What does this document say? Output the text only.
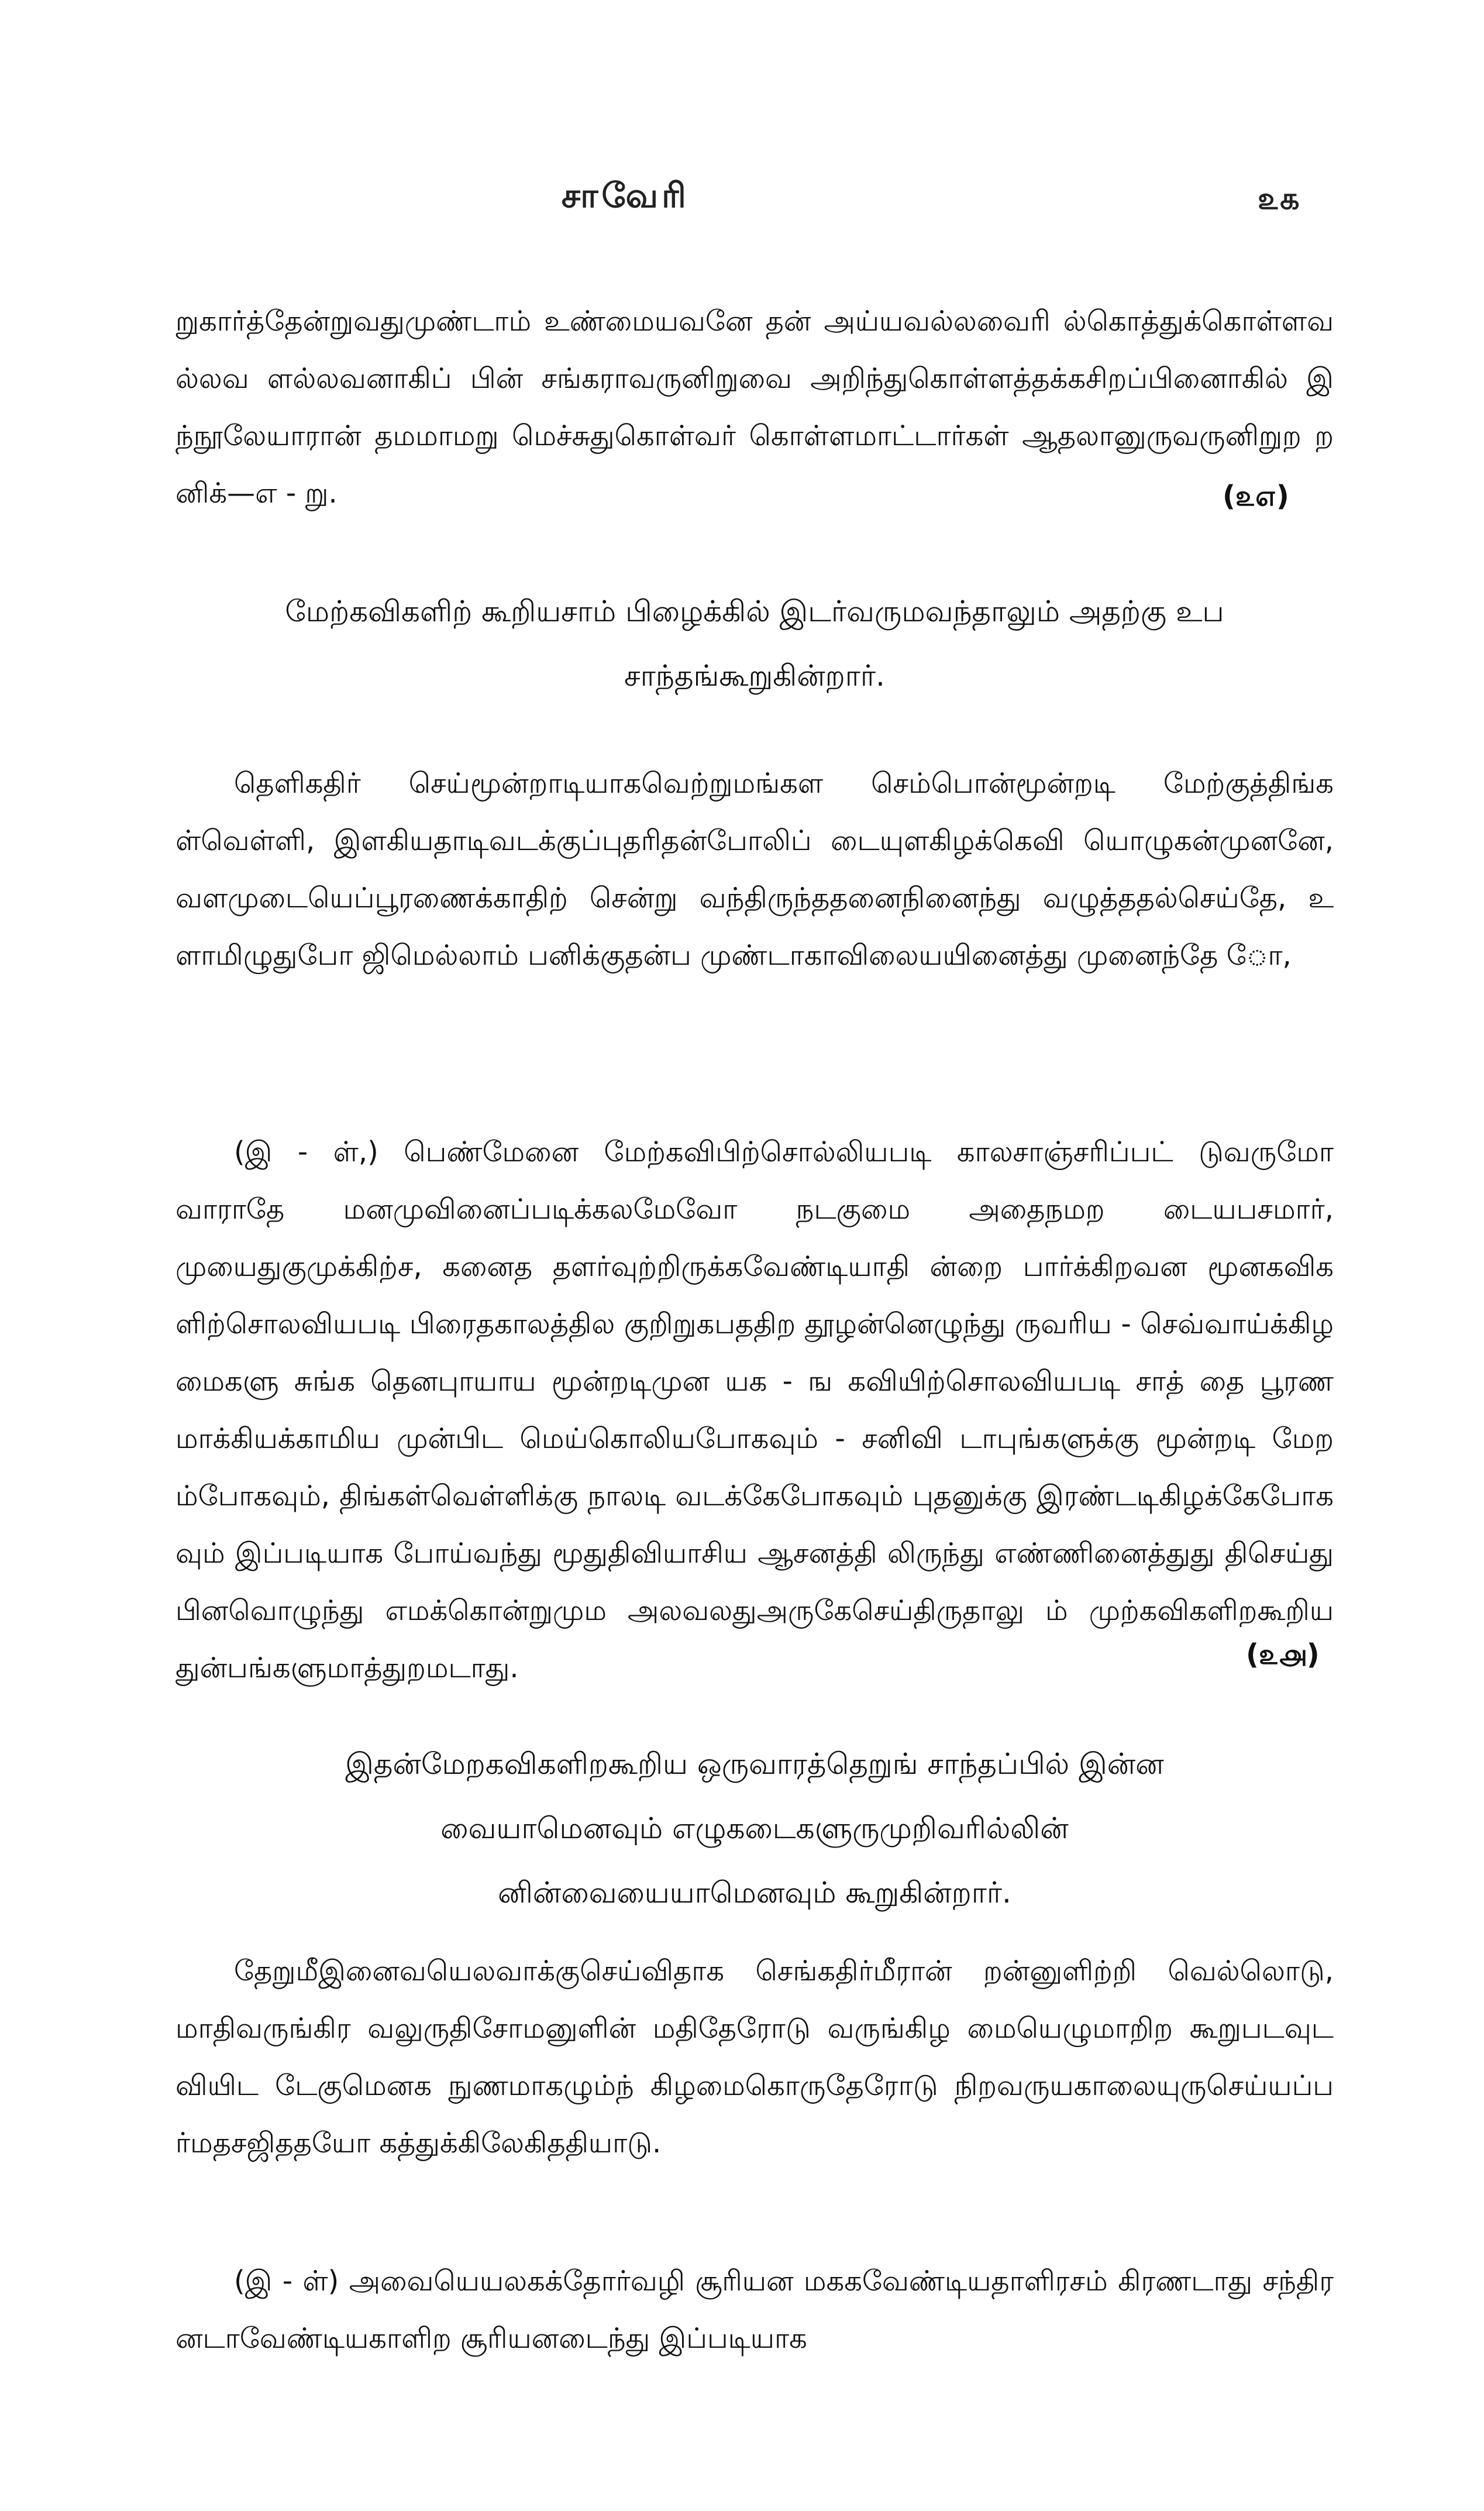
சாவேரி	௨௧
றுகார்த்தேன்றுவதுமுண்டாம் உண்மையவனே தன் அய்யவல்லவைரி ல்கொத்துக்கொள்ளவல்லவ ளல்லவனாகிப் பின் சங்கராவருனிறுவை அறிந்துகொள்ளத்தக்கசிறப்பினைாகில் இந்நூலேயாரான் தமமாமறு மெச்சுதுகொள்வர் கொள்ளமாட்டார்கள் ஆதலானுருவருனிறுற றனிக்—எ - று.	(௨௭)
மேற்கவிகளிற் கூறியசாம் பிழைக்கில் இடர்வருமவந்தாலும் அதற்கு உபசாந்தங்கூறுகின்றார்.
தெளிகதிர் செய்மூன்றாடியாகவெற்றுமங்கள செம்பொன்மூன்றடி மேற்குத்திங்கள்வெள்ளி, இளகியதாடிவடக்குப்புதரிதன்போலிப் டையுளகிழக்கெவி யொழுகன்முனனே, வளமுடையெப்பூரணைக்காதிற் சென்று வந்திருந்ததனைநினைந்து வழுத்ததல்செய்தே, உளாமிழுதுபோ ஜிமெல்லாம் பனிக்குதன்ப முண்டாகாவிலையயினைத்து முனைந்தே ோ,
(இ - ள்,) பெண்மேனை மேற்கவிபிற்சொல்லியபடி காலசாஞ்சரிப்பட் டுவருமோ வாராதே மனமுவினைப்படிக்கலமேவோ நடகுமை அதைநமற டையபசமார், முயைதுகுமுக்கிற்ச, கனைத தளர்வுற்றிருக்கவேண்டியாதி ன்றை பார்க்கிறவன மூனகவிகளிற்சொலவியபடி பிரைதகாலத்தில குறிறுகபததிற தூழன்னெழுந்து ருவரிய - செவ்வாய்க்கிழமைகளு சுங்க தெனபுாயாய மூன்றடிமுன யக - ங கவியிற்சொலவியபடி சாத் தை பூரணமாக்கியக்காமிய முன்பிட மெய்கொலியபோகவும் - சனிவி டாபுங்களுக்கு மூன்றடி மேறம்போகவும், திங்கள்வெள்ளிக்கு நாலடி வடக்கேபோகவும் புதனுக்கு இரண்டடிகிழக்கேபோகவும் இப்படியாக போய்வந்து மூதுதிவியாசிய ஆசனத்தி லிருந்து எண்ணினைத்துது திசெய்து பினவொழுந்து எமக்கொன்றுமும அலவலதுஅருகேசெய்திருதாலு ம் முற்கவிகளிறகூறிய துன்பங்களுமாத்துறமடாது.	(௨௮)
இதன்மேறகவிகளிறகூறிய ஒருவாரத்தெறுங் சாந்தப்பில் இன்னவையாமெனவும் எழுகடைகளுருமுறிவரில்லின் னின்வையையாமெனவும் கூறுகின்றார்.
தேறுமீஇனைவயெலவாக்குசெய்விதாக செங்கதிர்மீரான் றன்னுளிற்றி வெல்லொடு, மாதிவருங்கிர வலுருதிசோமனுளின் மதிதேரோடு வருங்கிழ மையெழுமாறிற கூறுபடவுடவியிட டேகுமெனக நுணமாகழும்ந் கிழமைகொருதேரோடு நிறவருயகாலையுருசெய்யப்பர்மதசஜிததயோ கத்துக்கிலேகிததியாடு.
(இ - ள்) அவையெயலகக்தோர்வழி சூரியன மககவேண்டியதாளிரசம் கிரணடாது சந்திரனடாவேண்டியகாளிற சூரியனடைந்து இப்படியாக
